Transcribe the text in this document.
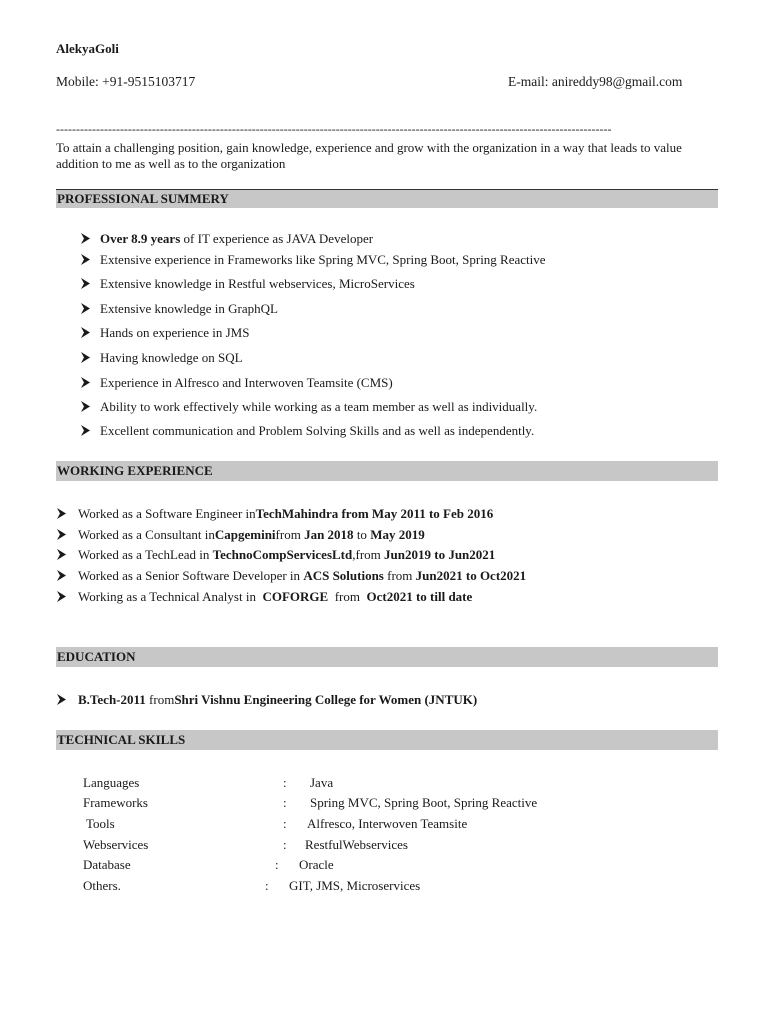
AlekyaGoli
Mobile: +91-9515103717	E-mail: anireddy98@gmail.com
-------------------------------------------------------------------------------------------------------------------------------------------
To attain a challenging position, gain knowledge, experience and grow with the organization in a way that leads to value addition to me as well as to the organization
PROFESSIONAL SUMMERY
Over 8.9 years of IT experience as JAVA Developer
Extensive experience in Frameworks like Spring MVC, Spring Boot, Spring Reactive
Extensive knowledge in Restful webservices, MicroServices
Extensive knowledge in GraphQL
Hands on experience in JMS
Having knowledge on SQL
Experience in Alfresco and Interwoven Teamsite (CMS)
Ability to work effectively while working as a team member as well as individually.
Excellent communication and Problem Solving Skills and as well as independently.
WORKING EXPERIENCE
Worked as a Software Engineer inTechMahindra from May 2011 to Feb 2016
Worked as a Consultant inCapgeminifrom Jan 2018 to May 2019
Worked as a TechLead in TechnoCompServicesLtd,from Jun2019 to Jun2021
Worked as a Senior Software Developer in ACS Solutions from Jun2021 to Oct2021
Working as a Technical Analyst in  COFORGE  from  Oct2021 to till date
EDUCATION
B.Tech-2011 fromShri Vishnu Engineering College for Women (JNTUK)
TECHNICAL SKILLS
Languages	: Java
Frameworks	: Spring MVC, Spring Boot, Spring Reactive
Tools	: Alfresco, Interwoven Teamsite
Webservices	: RestfulWebservices
Database	: Oracle
Others.	: GIT, JMS, Microservices
